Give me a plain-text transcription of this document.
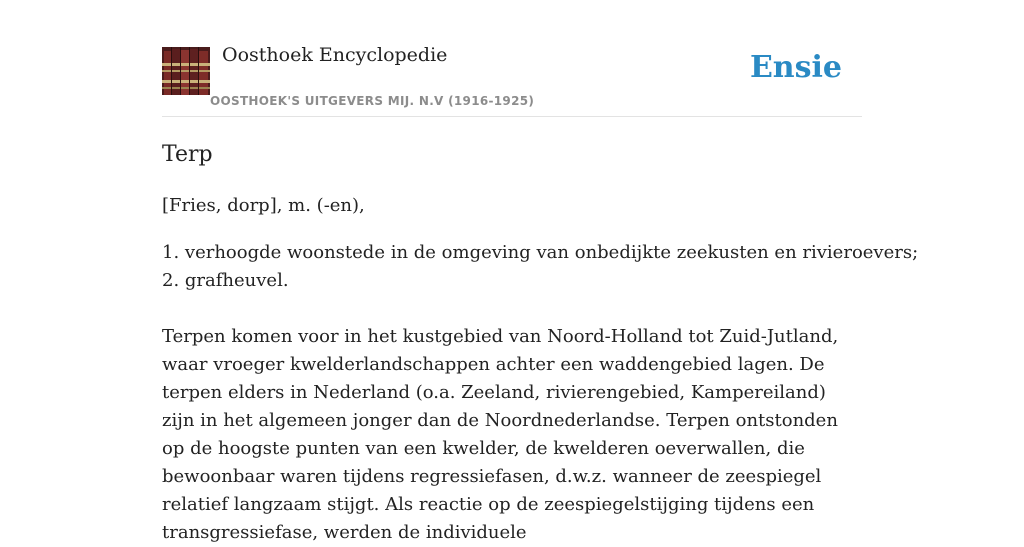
Oosthoek Encyclopedie
OOSTHOEK'S UITGEVERS MIJ. N.V (1916-1925)
Ensie
Terp

[Fries, dorp], m. (-en),

1. verhoogde woonstede in de omgeving van onbedijkte zeekusten en rivieroevers;
2. grafheuvel.

Terpen komen voor in het kustgebied van Noord-Holland tot Zuid-Jutland, waar vroeger kwelderlandschappen achter een waddengebied lagen. De terpen elders in Nederland (o.a. Zeeland, rivierengebied, Kampereiland) zijn in het algemeen jonger dan de Noordnederlandse. Terpen ontstonden op de hoogste punten van een kwelder, de kwelderen oeverwallen, die bewoonbaar waren tijdens regressiefasen, d.w.z. wanneer de zeespiegel relatief langzaam stijgt. Als reactie op de zeespiegelstijging tijdens een transgressiefase, werden de individuele
